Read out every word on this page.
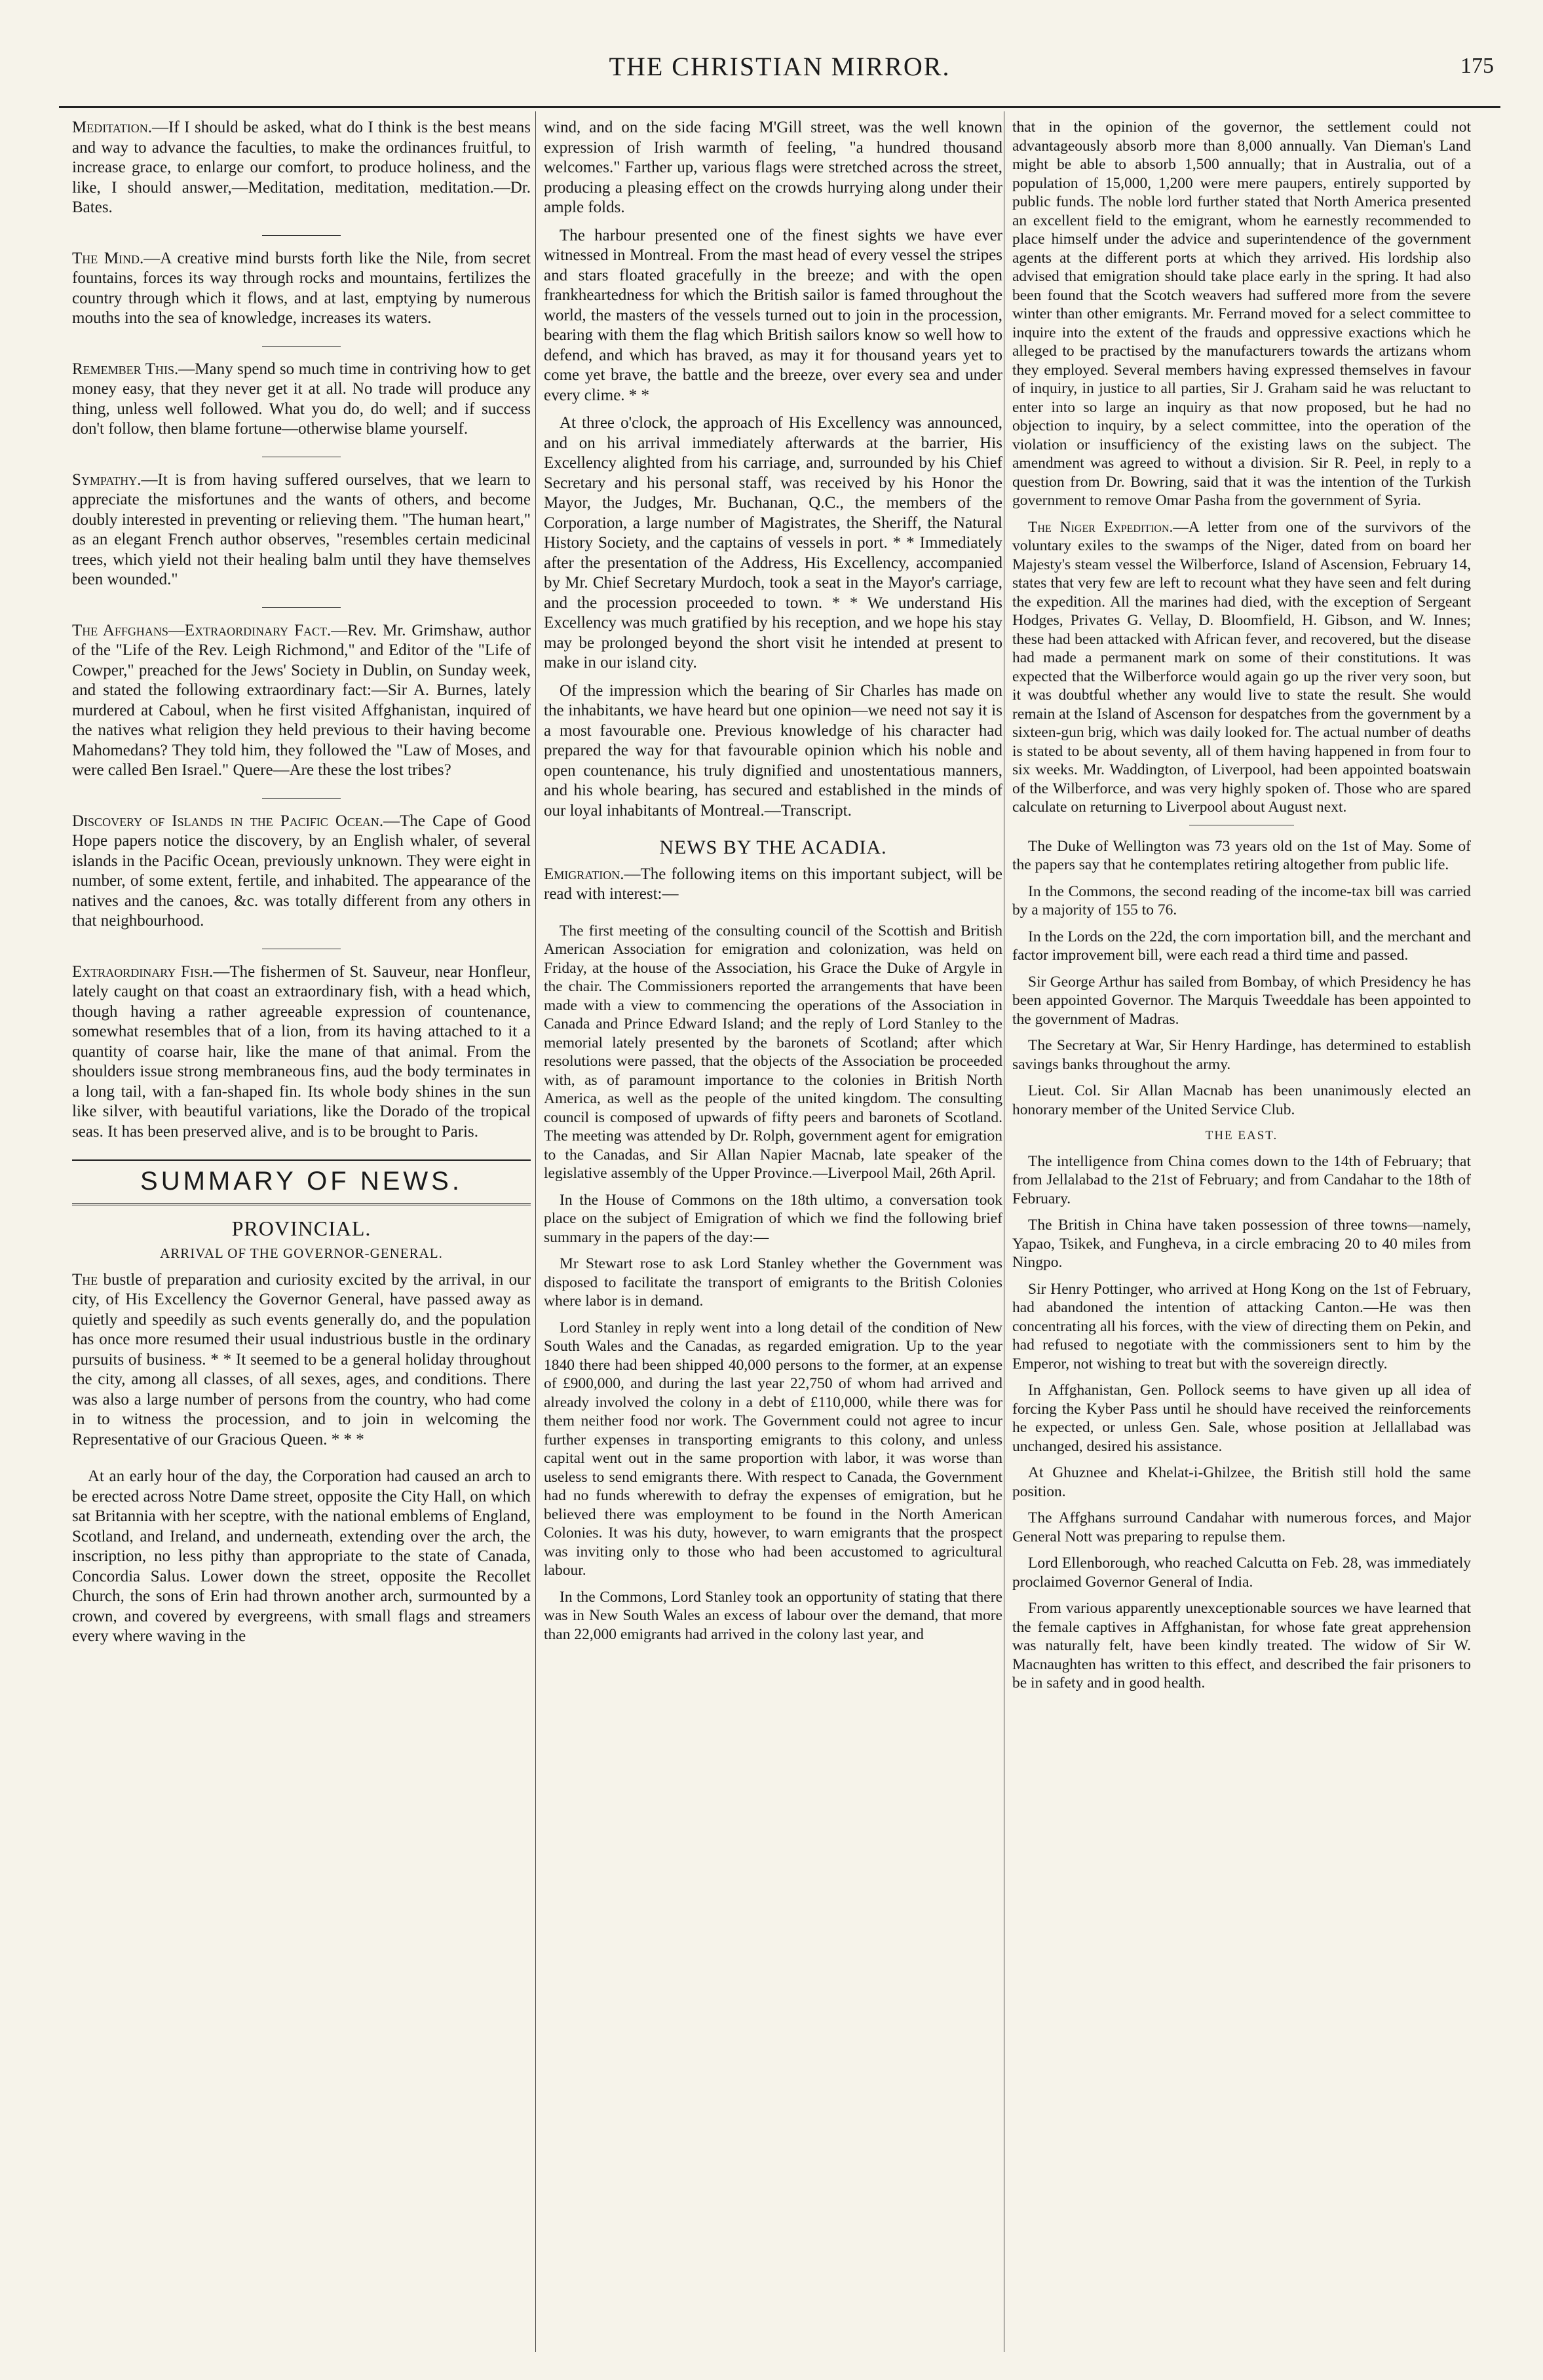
THE CHRISTIAN MIRROR.	175

Meditation.—If I should be asked, what do I think is the best means and way to advance the faculties, to make the ordinances fruitful, to increase grace, to enlarge our comfort, to produce holiness, and the like, I should answer,—Meditation, meditation, meditation.—Dr. Bates.

The Mind.—A creative mind bursts forth like the Nile, from secret fountains, forces its way through rocks and mountains, fertilizes the country through which it flows, and at last, emptying by numerous mouths into the sea of knowledge, increases its waters.

Remember This.—Many spend so much time in contriving how to get money easy, that they never get it at all. No trade will produce any thing, unless well followed. What you do, do well; and if success don't follow, then blame fortune—otherwise blame yourself.

Sympathy.—It is from having suffered ourselves, that we learn to appreciate the misfortunes and the wants of others, and become doubly interested in preventing or relieving them. "The human heart," as an elegant French author observes, "resembles certain medicinal trees, which yield not their healing balm until they have themselves been wounded."

The Affghans—Extraordinary Fact.—Rev. Mr. Grimshaw, author of the "Life of the Rev. Leigh Richmond," and Editor of the "Life of Cowper," preached for the Jews' Society in Dublin, on Sunday week, and stated the following extraordinary fact:—Sir A. Burnes, lately murdered at Caboul, when he first visited Affghanistan, inquired of the natives what religion they held previous to their having become Mahomedans? They told him, they followed the "Law of Moses, and were called Ben Israel." Quere—Are these the lost tribes?

Discovery of Islands in the Pacific Ocean.—The Cape of Good Hope papers notice the discovery, by an English whaler, of several islands in the Pacific Ocean, previously unknown. They were eight in number, of some extent, fertile, and inhabited. The appearance of the natives and the canoes, &c. was totally different from any others in that neighbourhood.

Extraordinary Fish.—The fishermen of St. Sauveur, near Honfleur, lately caught on that coast an extraordinary fish, with a head which, though having a rather agreeable expression of countenance, somewhat resembles that of a lion, from its having attached to it a quantity of coarse hair, like the mane of that animal. From the shoulders issue strong membraneous fins, aud the body terminates in a long tail, with a fan-shaped fin. Its whole body shines in the sun like silver, with beautiful variations, like the Dorado of the tropical seas. It has been preserved alive, and is to be brought to Paris.

SUMMARY OF NEWS.
PROVINCIAL.
ARRIVAL OF THE GOVERNOR-GENERAL.

The bustle of preparation and curiosity excited by the arrival, in our city, of His Excellency the Governor General, have passed away as quietly and speedily as such events generally do, and the population has once more resumed their usual industrious bustle in the ordinary pursuits of business. * * It seemed to be a general holiday throughout the city, among all classes, of all sexes, ages, and conditions. There was also a large number of persons from the country, who had come in to witness the procession, and to join in welcoming the Representative of our Gracious Queen. * * *

At an early hour of the day, the Corporation had caused an arch to be erected across Notre Dame street, opposite the City Hall, on which sat Britannia with her sceptre, with the national emblems of England, Scotland, and Ireland, and underneath, extending over the arch, the inscription, no less pithy than appropriate to the state of Canada, Concordia Salus. Lower down the street, opposite the Recollet Church, the sons of Erin had thrown another arch, surmounted by a crown, and covered by evergreens, with small flags and streamers every where waving in the

wind, and on the side facing M'Gill street, was the well known expression of Irish warmth of feeling, "a hundred thousand welcomes." Farther up, various flags were stretched across the street, producing a pleasing effect on the crowds hurrying along under their ample folds.

The harbour presented one of the finest sights we have ever witnessed in Montreal. From the mast head of every vessel the stripes and stars floated gracefully in the breeze; and with the open frankheartedness for which the British sailor is famed throughout the world, the masters of the vessels turned out to join in the procession, bearing with them the flag which British sailors know so well how to defend, and which has braved, as may it for thousand years yet to come yet brave, the battle and the breeze, over every sea and under every clime. * *

At three o'clock, the approach of His Excellency was announced, and on his arrival immediately afterwards at the barrier, His Excellency alighted from his carriage, and, surrounded by his Chief Secretary and his personal staff, was received by his Honor the Mayor, the Judges, Mr. Buchanan, Q.C., the members of the Corporation, a large number of Magistrates, the Sheriff, the Natural History Society, and the captains of vessels in port. * * Immediately after the presentation of the Address, His Excellency, accompanied by Mr. Chief Secretary Murdoch, took a seat in the Mayor's carriage, and the procession proceeded to town. * * We understand His Excellency was much gratified by his reception, and we hope his stay may be prolonged beyond the short visit he intended at present to make in our island city.

Of the impression which the bearing of Sir Charles has made on the inhabitants, we have heard but one opinion—we need not say it is a most favourable one. Previous knowledge of his character had prepared the way for that favourable opinion which his noble and open countenance, his truly dignified and unostentatious manners, and his whole bearing, has secured and established in the minds of our loyal inhabitants of Montreal.—Transcript.

NEWS BY THE ACADIA.

Emigration.—The following items on this important subject, will be read with interest:—

The first meeting of the consulting council of the Scottish and British American Association for emigration and colonization, was held on Friday, at the house of the Association, his Grace the Duke of Argyle in the chair. The Commissioners reported the arrangements that have been made with a view to commencing the operations of the Association in Canada and Prince Edward Island; and the reply of Lord Stanley to the memorial lately presented by the baronets of Scotland; after which resolutions were passed, that the objects of the Association be proceeded with, as of paramount importance to the colonies in British North America, as well as the people of the united kingdom. The consulting council is composed of upwards of fifty peers and baronets of Scotland. The meeting was attended by Dr. Rolph, government agent for emigration to the Canadas, and Sir Allan Napier Macnab, late speaker of the legislative assembly of the Upper Province.—Liverpool Mail, 26th April.

In the House of Commons on the 18th ultimo, a conversation took place on the subject of Emigration of which we find the following brief summary in the papers of the day:—

Mr Stewart rose to ask Lord Stanley whether the Government was disposed to facilitate the transport of emigrants to the British Colonies where labor is in demand.

Lord Stanley in reply went into a long detail of the condition of New South Wales and the Canadas, as regarded emigration. Up to the year 1840 there had been shipped 40,000 persons to the former, at an expense of £900,000, and during the last year 22,750 of whom had arrived and already involved the colony in a debt of £110,000, while there was for them neither food nor work. The Government could not agree to incur further expenses in transporting emigrants to this colony, and unless capital went out in the same proportion with labor, it was worse than useless to send emigrants there. With respect to Canada, the Government had no funds wherewith to defray the expenses of emigration, but he believed there was employment to be found in the North American Colonies. It was his duty, however, to warn emigrants that the prospect was inviting only to those who had been accustomed to agricultural labour.

In the Commons, Lord Stanley took an opportunity of stating that there was in New South Wales an excess of labour over the demand, that more than 22,000 emigrants had arrived in the colony last year, and

that in the opinion of the governor, the settlement could not advantageously absorb more than 8,000 annually. Van Dieman's Land might be able to absorb 1,500 annually; that in Australia, out of a population of 15,000, 1,200 were mere paupers, entirely supported by public funds. The noble lord further stated that North America presented an excellent field to the emigrant, whom he earnestly recommended to place himself under the advice and superintendence of the government agents at the different ports at which they arrived. His lordship also advised that emigration should take place early in the spring. It had also been found that the Scotch weavers had suffered more from the severe winter than other emigrants. Mr. Ferrand moved for a select committee to inquire into the extent of the frauds and oppressive exactions which he alleged to be practised by the manufacturers towards the artizans whom they employed. Several members having expressed themselves in favour of inquiry, in justice to all parties, Sir J. Graham said he was reluctant to enter into so large an inquiry as that now proposed, but he had no objection to inquiry, by a select committee, into the operation of the violation or insufficiency of the existing laws on the subject. The amendment was agreed to without a division. Sir R. Peel, in reply to a question from Dr. Bowring, said that it was the intention of the Turkish government to remove Omar Pasha from the government of Syria.

The Niger Expedition.—A letter from one of the survivors of the voluntary exiles to the swamps of the Niger, dated from on board her Majesty's steam vessel the Wilberforce, Island of Ascension, February 14, states that very few are left to recount what they have seen and felt during the expedition. All the marines had died, with the exception of Sergeant Hodges, Privates G. Vellay, D. Bloomfield, H. Gibson, and W. Innes; these had been attacked with African fever, and recovered, but the disease had made a permanent mark on some of their constitutions. It was expected that the Wilberforce would again go up the river very soon, but it was doubtful whether any would live to state the result. She would remain at the Island of Ascenson for despatches from the government by a sixteen-gun brig, which was daily looked for. The actual number of deaths is stated to be about seventy, all of them having happened in from four to six weeks. Mr. Waddington, of Liverpool, had been appointed boatswain of the Wilberforce, and was very highly spoken of. Those who are spared calculate on returning to Liverpool about August next.

The Duke of Wellington was 73 years old on the 1st of May. Some of the papers say that he contemplates retiring altogether from public life.

In the Commons, the second reading of the income-tax bill was carried by a majority of 155 to 76.

In the Lords on the 22d, the corn importation bill, and the merchant and factor improvement bill, were each read a third time and passed.

Sir George Arthur has sailed from Bombay, of which Presidency he has been appointed Governor. The Marquis Tweeddale has been appointed to the government of Madras.

The Secretary at War, Sir Henry Hardinge, has determined to establish savings banks throughout the army.

Lieut. Col. Sir Allan Macnab has been unanimously elected an honorary member of the United Service Club.

THE EAST.

The intelligence from China comes down to the 14th of February; that from Jellalabad to the 21st of February; and from Candahar to the 18th of February.

The British in China have taken possession of three towns—namely, Yapao, Tsikek, and Fungheva, in a circle embracing 20 to 40 miles from Ningpo.

Sir Henry Pottinger, who arrived at Hong Kong on the 1st of February, had abandoned the intention of attacking Canton.—He was then concentrating all his forces, with the view of directing them on Pekin, and had refused to negotiate with the commissioners sent to him by the Emperor, not wishing to treat but with the sovereign directly.

In Affghanistan, Gen. Pollock seems to have given up all idea of forcing the Kyber Pass until he should have received the reinforcements he expected, or unless Gen. Sale, whose position at Jellallabad was unchanged, desired his assistance.

At Ghuznee and Khelat-i-Ghilzee, the British still hold the same position.

The Affghans surround Candahar with numerous forces, and Major General Nott was preparing to repulse them.

Lord Ellenborough, who reached Calcutta on Feb. 28, was immediately proclaimed Governor General of India.

From various apparently unexceptionable sources we have learned that the female captives in Affghanistan, for whose fate great apprehension was naturally felt, have been kindly treated. The widow of Sir W. Macnaughten has written to this effect, and described the fair prisoners to be in safety and in good health.
